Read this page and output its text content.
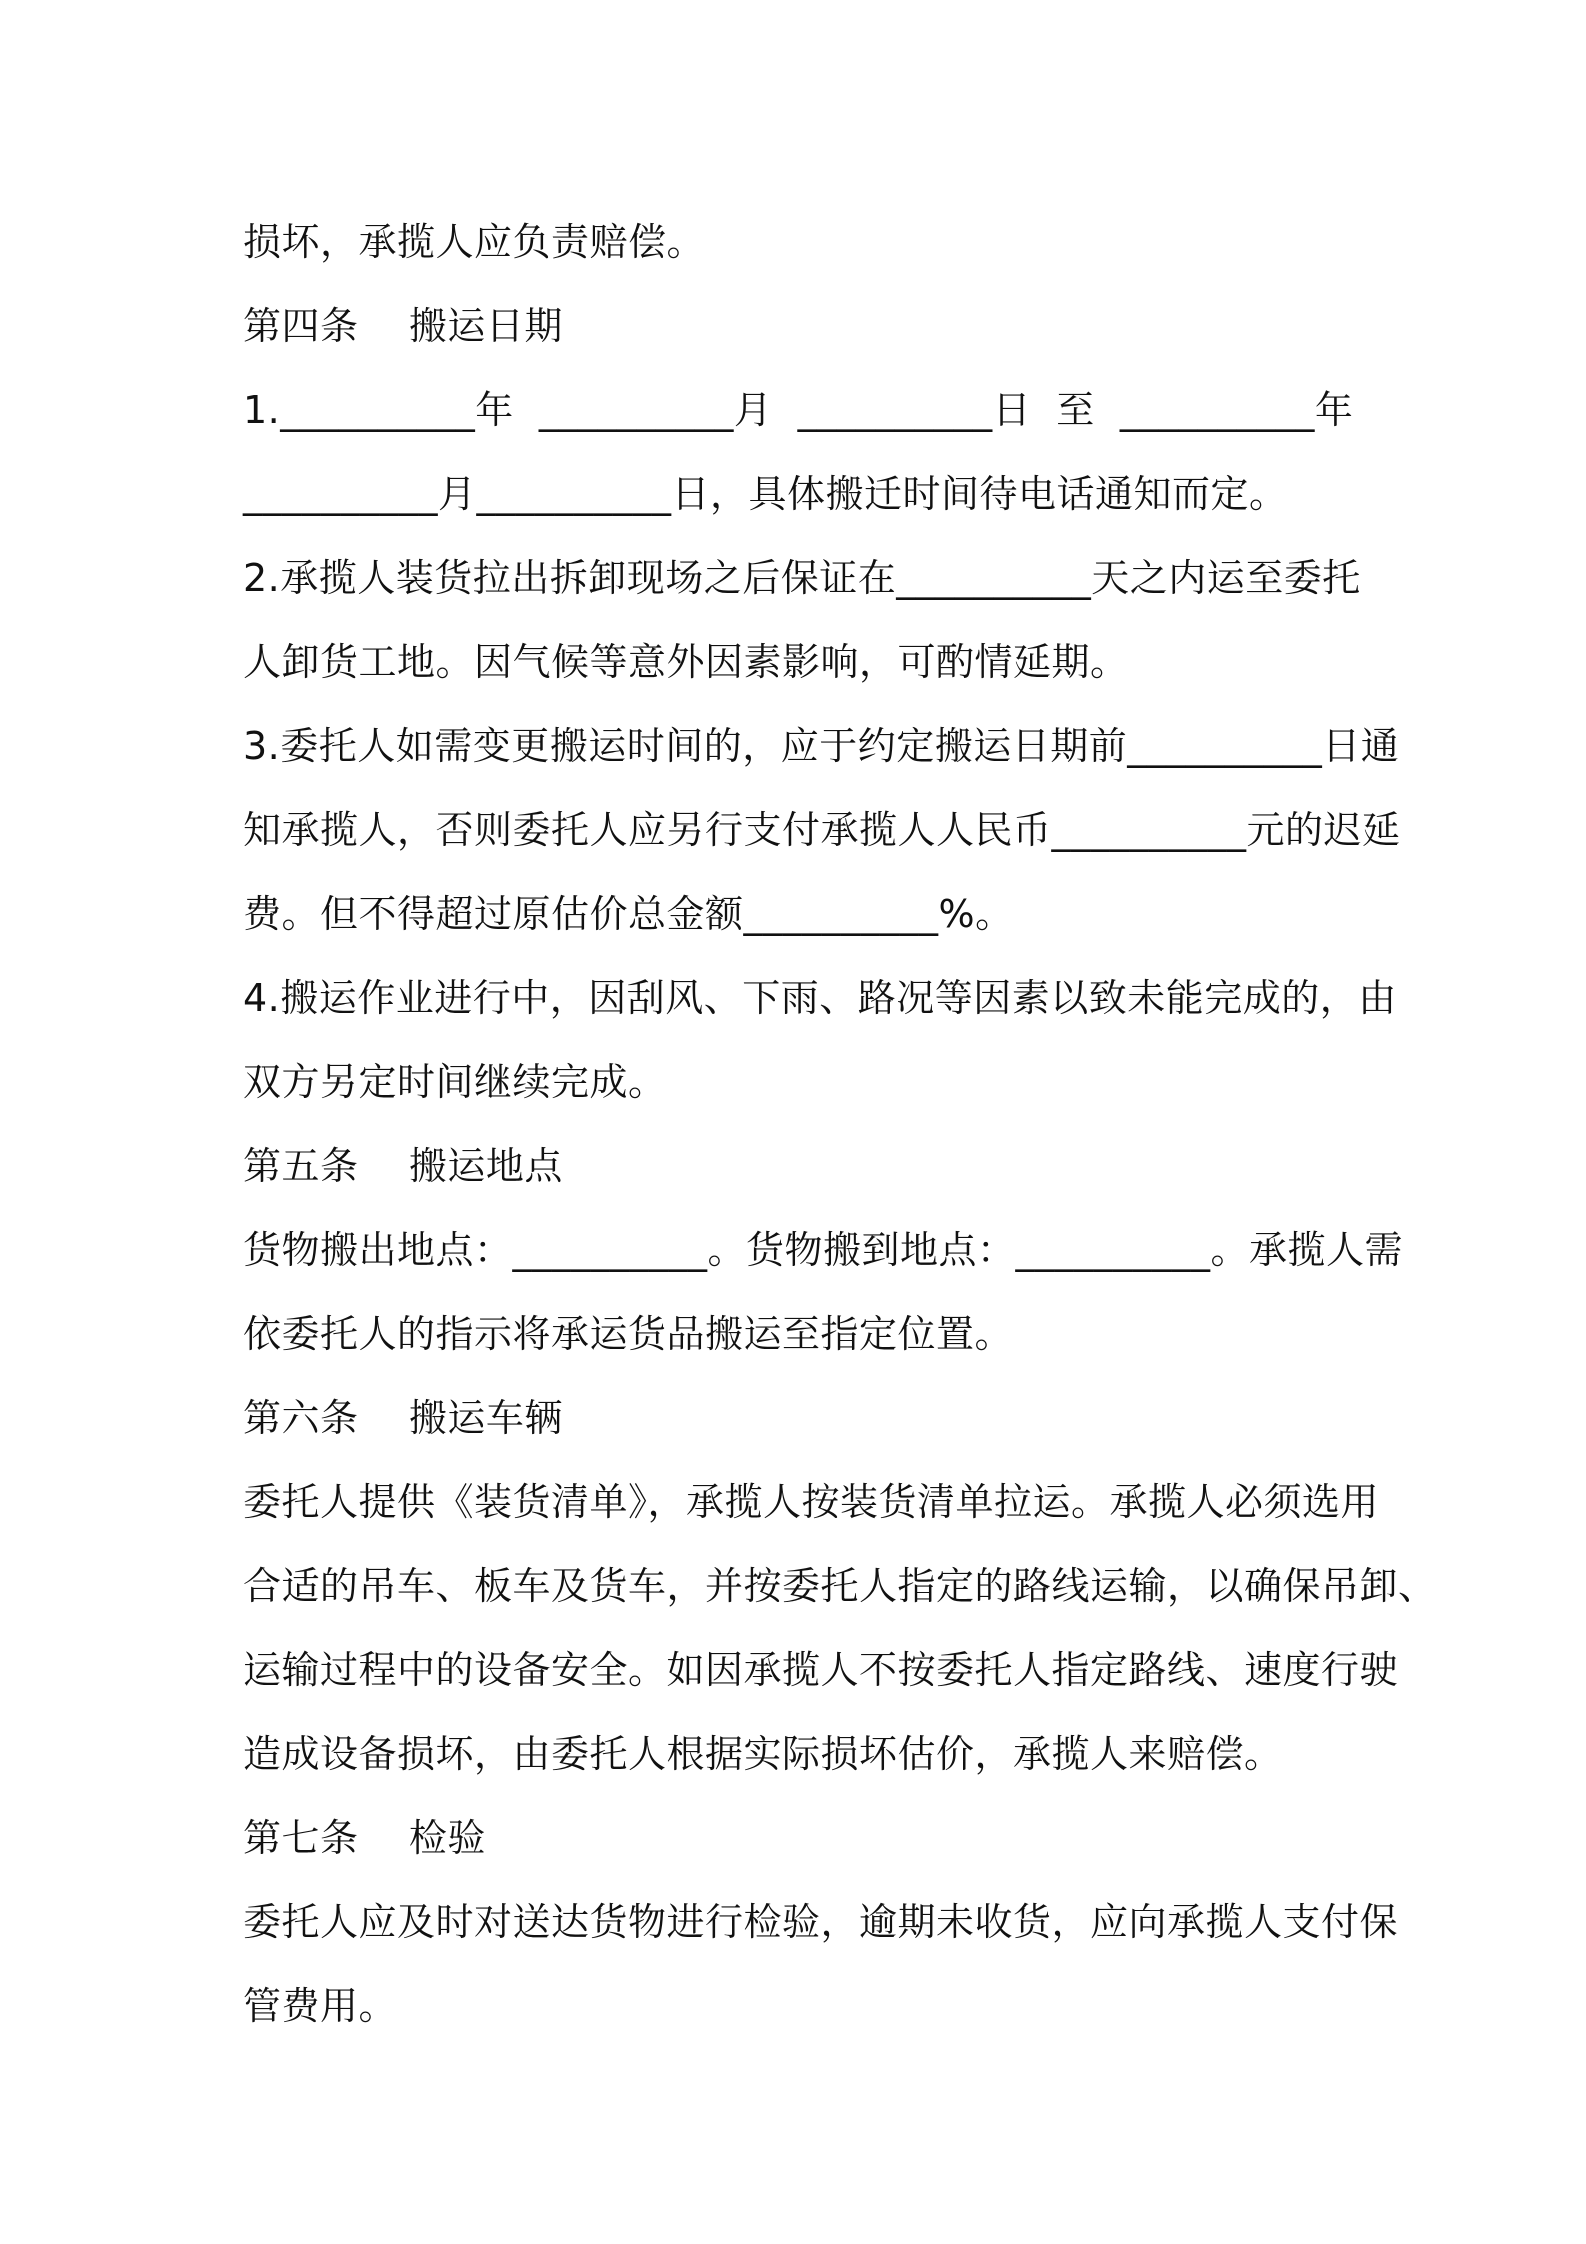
损坏，承揽人应负责赔偿。
第四条    搬运日期
1.__________年  __________月  __________日  至  __________年
__________月__________日，具体搬迁时间待电话通知而定。
2.承揽人装货拉出拆卸现场之后保证在__________天之内运至委托
人卸货工地。因气候等意外因素影响，可酌情延期。
3.委托人如需变更搬运时间的，应于约定搬运日期前__________日通
知承揽人，否则委托人应另行支付承揽人人民币__________元的迟延
费。但不得超过原估价总金额__________%。
4.搬运作业进行中，因刮风、下雨、路况等因素以致未能完成的，由
双方另定时间继续完成。
第五条    搬运地点
货物搬出地点：__________。货物搬到地点：__________。承揽人需
依委托人的指示将承运货品搬运至指定位置。
第六条    搬运车辆
委托人提供《装货清单》，承揽人按装货清单拉运。承揽人必须选用
合适的吊车、板车及货车，并按委托人指定的路线运输，以确保吊卸、
运输过程中的设备安全。如因承揽人不按委托人指定路线、速度行驶
造成设备损坏，由委托人根据实际损坏估价，承揽人来赔偿。
第七条    检验
委托人应及时对送达货物进行检验，逾期未收货，应向承揽人支付保
管费用。
